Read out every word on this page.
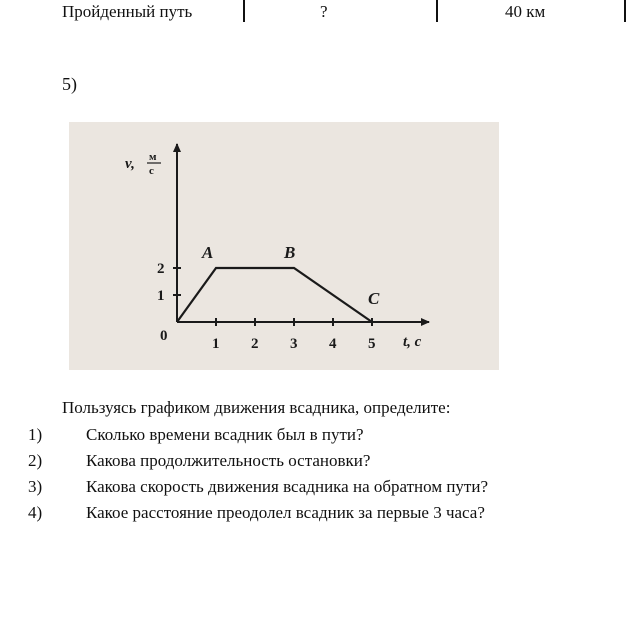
Пройденный путь	?	40 км
5)
1 2 3 4 5
1
2
A	B
C
0
v, м
с
t, с
Пользуясь графиком движения всадника, определите:
1)	Сколько времени всадник был в пути?
2)	Какова продолжительность остановки?
3)	Какова скорость движения всадника на обратном пути?
4)	Какое расстояние преодолел всадник за первые 3 часа?
